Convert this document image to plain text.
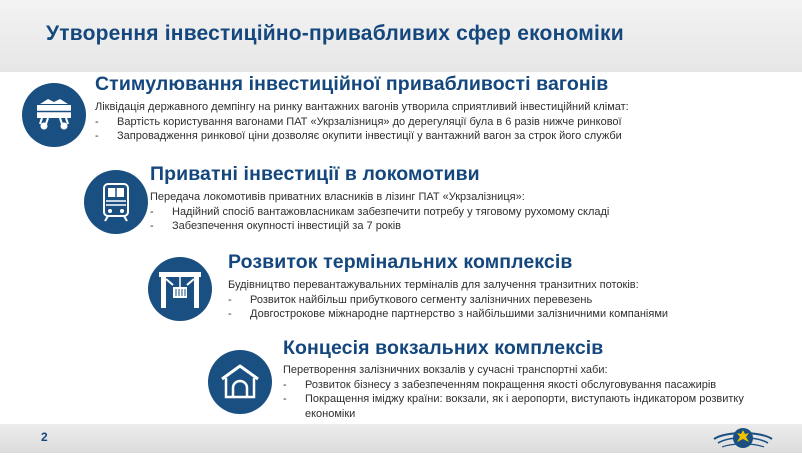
Утворення інвестиційно-привабливих сфер економіки
Стимулювання інвестиційної привабливості вагонів
Ліквідація державного демпінгу на ринку вантажних вагонів утворила сприятливий інвестиційний клімат:
- Вартість користування вагонами ПАТ «Укрзалізниця» до дерегуляції була в 6 разів нижче ринкової
- Запровадження ринкової ціни дозволяє окупити інвестиції у вантажний вагон за строк його служби
Приватні інвестиції в локомотиви
Передача локомотивів приватних власників в лізинг ПАТ «Укрзалізниця»:
- Надійний спосіб вантажовласникам забезпечити потребу у тяговому рухомому складі
- Забезпечення окупності інвестицій за 7 років
Розвиток термінальних комплексів
Будівництво перевантажувальних терміналів для залучення транзитних потоків:
- Розвиток найбільш прибуткового сегменту залізничних перевезень
- Довгострокове міжнародне партнерство з найбільшими залізничними компаніями
Концесія вокзальних комплексів
Перетворення залізничних вокзалів у сучасні транспортні хаби:
- Розвиток бізнесу з забезпеченням покращення якості обслуговування пасажирів
- Покращення іміджу країни: вокзали, як і аеропорти, виступають індикатором розвитку економіки
2
